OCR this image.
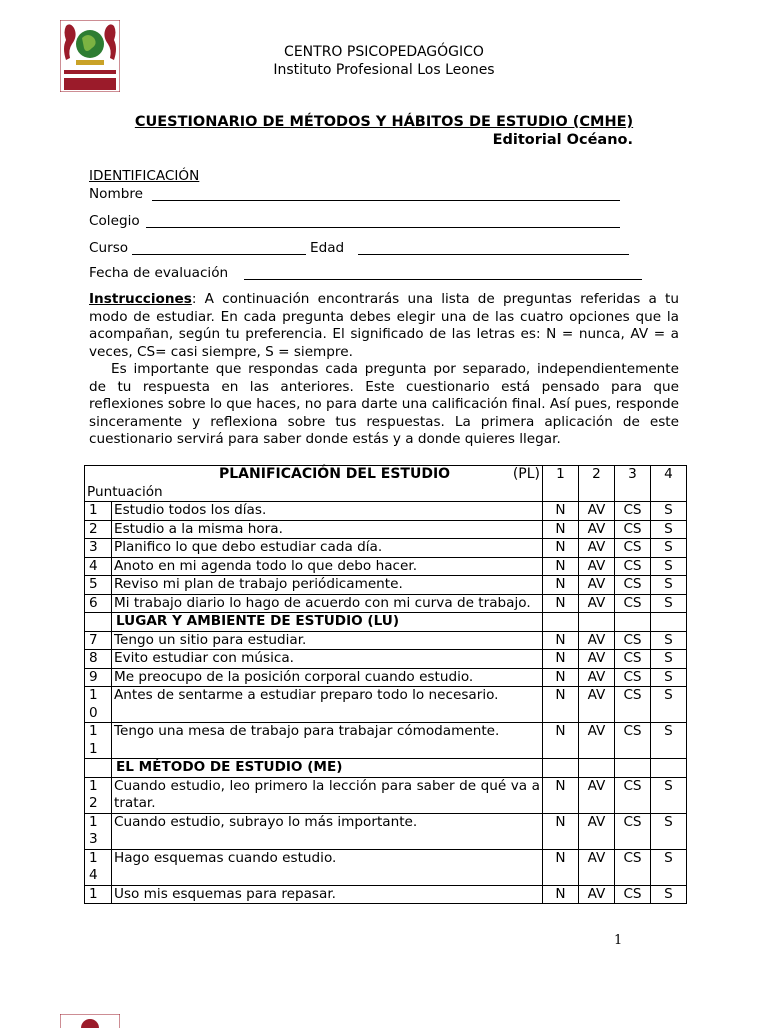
CENTRO PSICOPEDAGÓGICO
Instituto Profesional Los Leones
CUESTIONARIO DE MÉTODOS Y HÁBITOS DE ESTUDIO (CMHE)
Editorial Océano.
IDENTIFICACIÓN
Nombre
Colegio
Curso	Edad
Fecha de evaluación
Instrucciones: A continuación encontrarás una lista de preguntas referidas a tu modo de estudiar. En cada pregunta debes elegir una de las cuatro opciones que la acompañan, según tu preferencia. El significado de las letras es: N = nunca, AV = a veces, CS= casi siempre, S = siempre.
Es importante que respondas cada pregunta por separado, independientemente de tu respuesta en las anteriores. Este cuestionario está pensado para que reflexiones sobre lo que haces, no para darte una calificación final. Así pues, responde sinceramente y reflexiona sobre tus respuestas. La primera aplicación de este cuestionario servirá para saber donde estás y a donde quieres llegar.
PLANIFICACIÓN DEL ESTUDIO (PL)
Puntuación		1	2	3	4
1	Estudio todos los días.	N	AV	CS	S
2	Estudio a la misma hora.	N	AV	CS	S
3	Planifico lo que debo estudiar cada día.	N	AV	CS	S
4	Anoto en mi agenda todo lo que debo hacer.	N	AV	CS	S
5	Reviso mi plan de trabajo periódicamente.	N	AV	CS	S
6	Mi trabajo diario lo hago de acuerdo con mi curva de trabajo.	N	AV	CS	S
	LUGAR Y AMBIENTE DE ESTUDIO (LU)				
7	Tengo un sitio para estudiar.	N	AV	CS	S
8	Evito estudiar con música.	N	AV	CS	S
9	Me preocupo de la posición corporal cuando estudio.	N	AV	CS	S
1 0	Antes de sentarme a estudiar preparo todo lo necesario.	N	AV	CS	S
1 1	Tengo una mesa de trabajo para trabajar cómodamente.	N	AV	CS	S
	EL MÉTODO DE ESTUDIO (ME)				
1 2	Cuando estudio, leo primero la lección para saber de qué va a tratar.	N	AV	CS	S
1 3	Cuando estudio, subrayo lo más importante.	N	AV	CS	S
1 4	Hago esquemas cuando estudio.	N	AV	CS	S
1	Uso mis esquemas para repasar.	N	AV	CS	S
1
